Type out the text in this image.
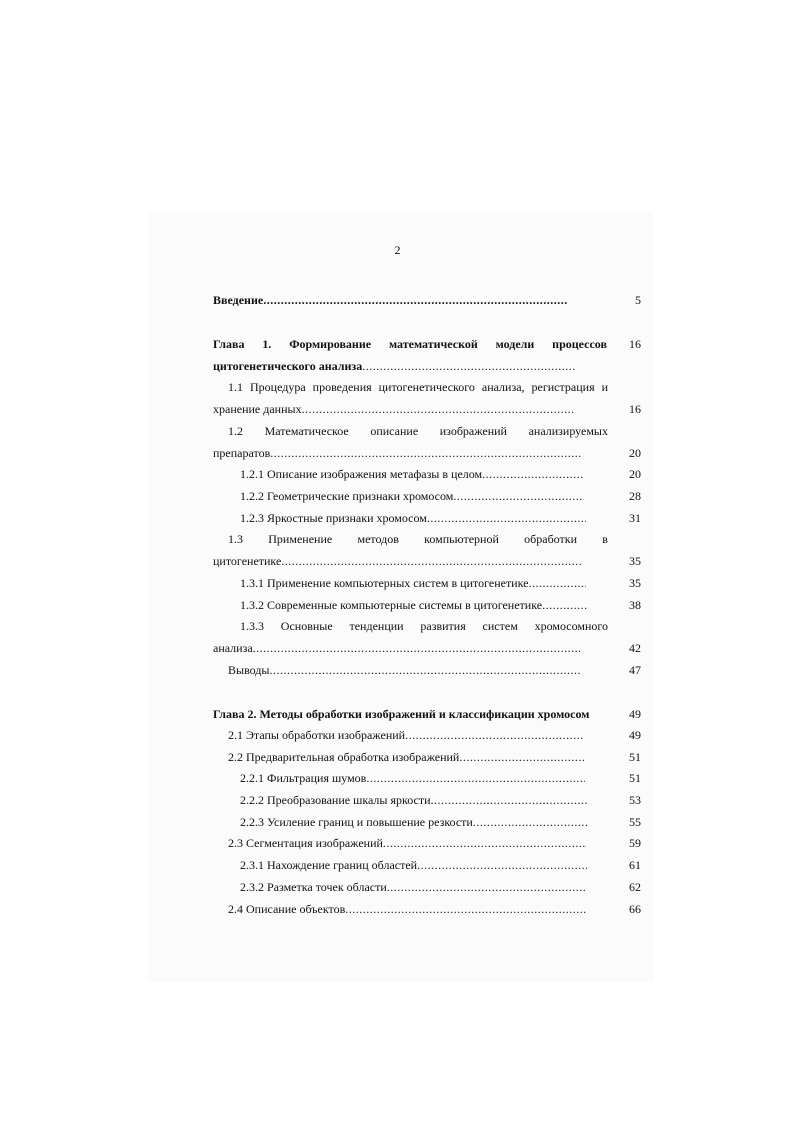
2
Введение .....	5
Глава 1. Формирование математической модели процессов	16
цитогенетического анализа
.....
1.1 Процедура проведения цитогенетического анализа, регистрация и
хранение данных .....	16
1.2 Математическое описание изображений анализируемых
препаратов .....	20
1.2.1 Описание изображения метафазы в целом .....	20
1.2.2 Геометрические признаки хромосом .....	28
1.2.3 Яркостные признаки хромосом .....	31
1.3 Применение методов компьютерной обработки в
цитогенетике .....	35
1.3.1 Применение компьютерных систем в цитогенетике .....	35
1.3.2 Современные компьютерные системы в цитогенетике .....	38
1.3.3 Основные тенденции развития систем хромосомного
анализа .....	42
Выводы .....	47
Глава 2. Методы обработки изображений и классификации хромосом	49
2.1 Этапы обработки изображений .....	49
2.2 Предварительная обработка изображений .....	51
2.2.1 Фильтрация шумов .....	51
2.2.2 Преобразование шкалы яркости .....	53
2.2.3 Усиление границ и повышение резкости .....	55
2.3 Сегментация изображений .....	59
2.3.1 Нахождение границ областей .....	61
2.3.2 Разметка точек области .....	62
2.4 Описание объектов .....	66
